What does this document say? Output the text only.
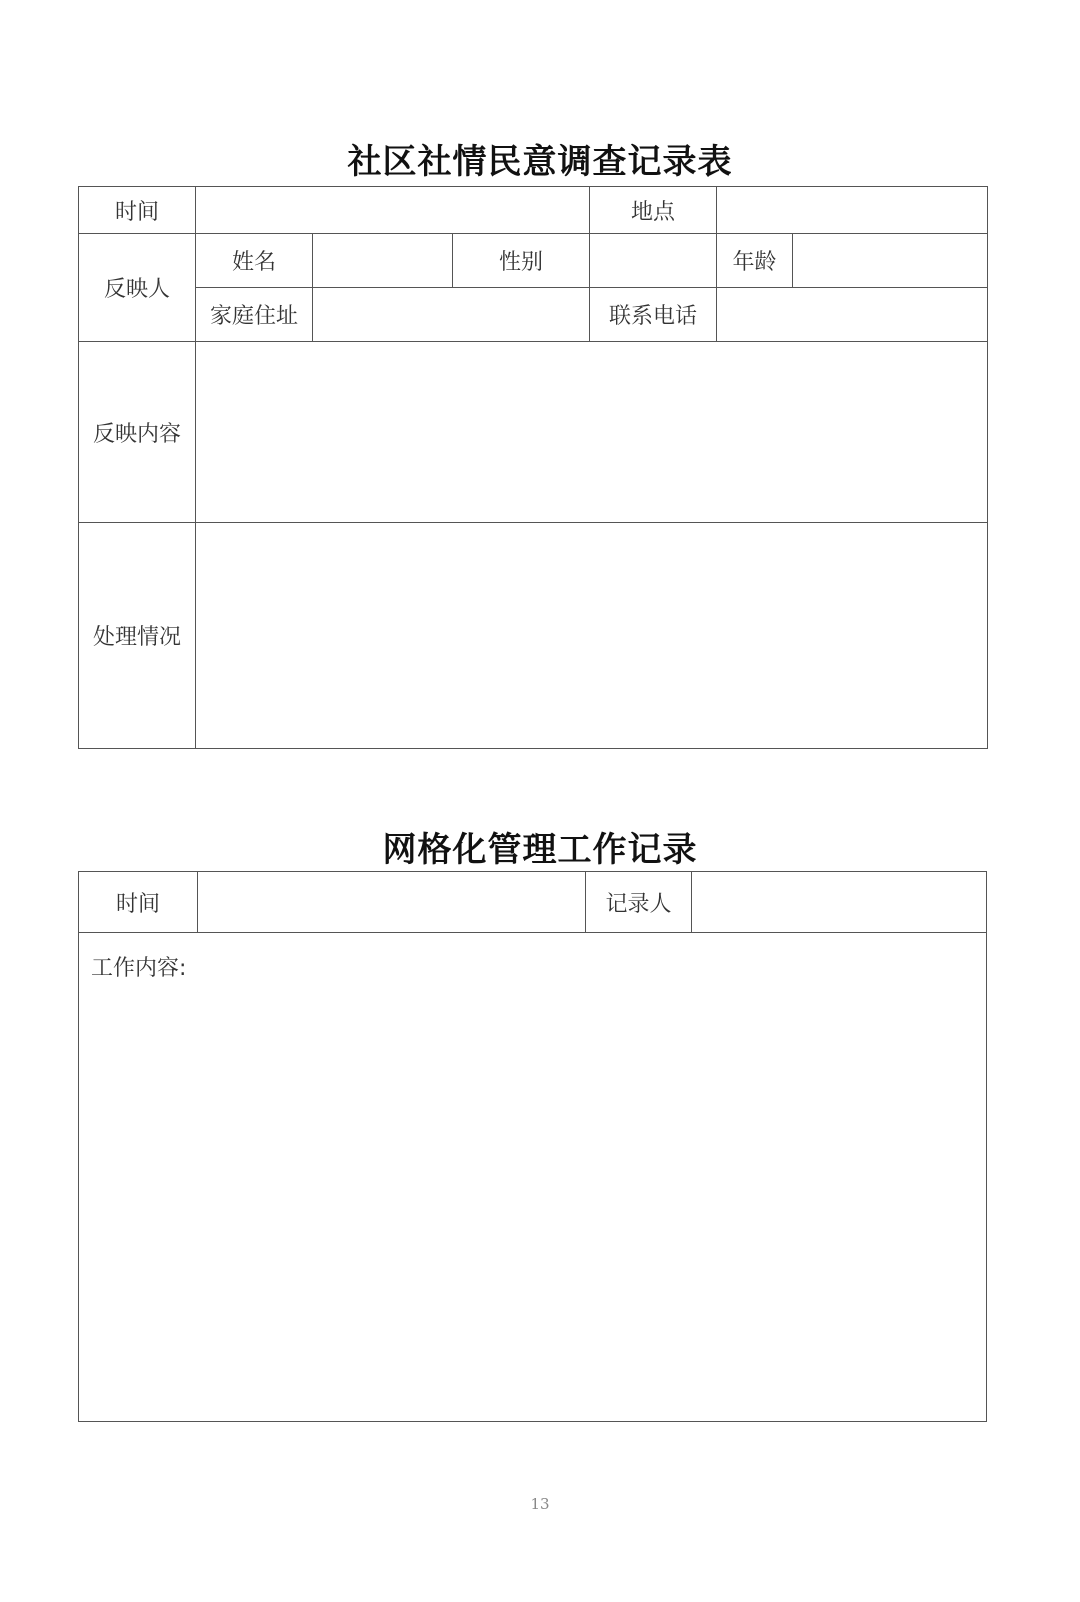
社区社情民意调查记录表
时间				地点		
反映人	姓名		性别		年龄	
	家庭住址			联系电话		
反映内容						
处理情况						
网格化管理工作记录
时间		记录人	
工作内容:
13
